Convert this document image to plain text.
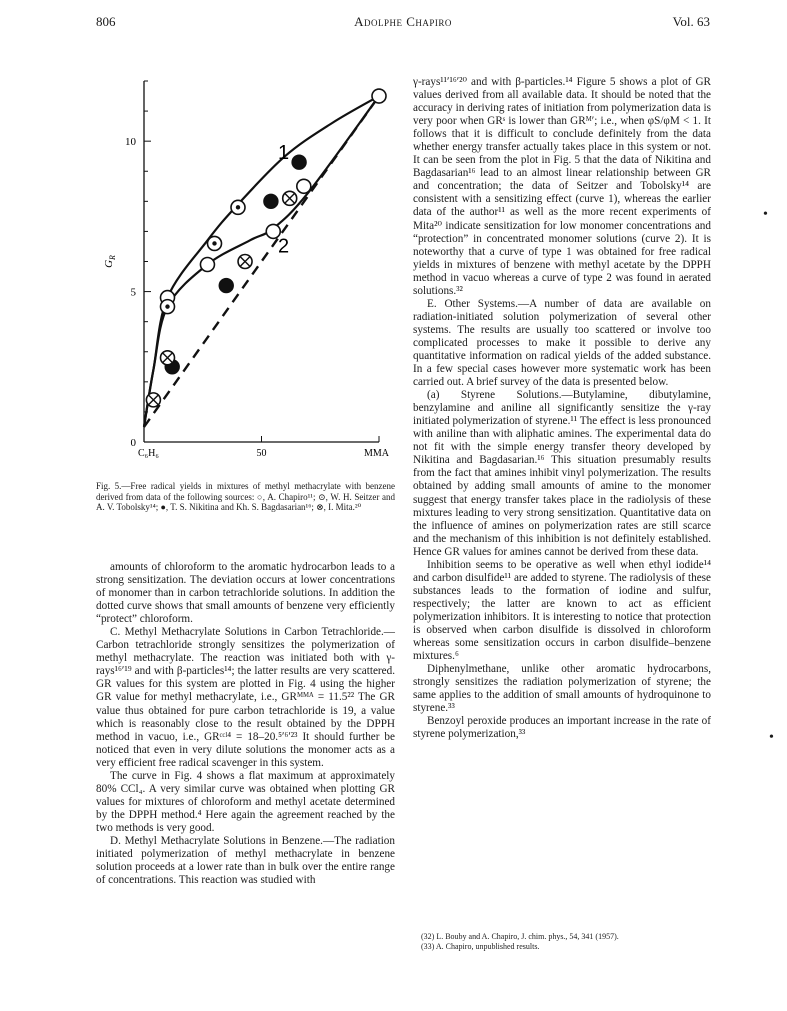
806	Adolphe Chapiro	Vol. 63
10
5
0
C₆H₆	50	MMA
$G_R$
1
2
Fig. 5.—Free radical yields in mixtures of methyl methacrylate with benzene derived from data of the following sources: ○, A. Chapiro¹¹; ⊙, W. H. Seitzer and A. V. Tobolsky¹⁴; ●, T. S. Nikitina and Kh. S. Bagdasarian¹⁶; ⊗, I. Mita.²⁰

amounts of chloroform to the aromatic hydrocarbon leads to a strong sensitization. The deviation occurs at lower concentrations of monomer than in carbon tetrachloride solutions. In addition the dotted curve shows that small amounts of benzene very efficiently “protect” chloroform.

C. Methyl Methacrylate Solutions in Carbon Tetrachloride.—Carbon tetrachloride strongly sensitizes the polymerization of methyl methacrylate. The reaction was initiated both with γ-rays¹⁶ʹ¹⁹ and with β-particles¹⁴; the latter results are very scattered. GR values for this system are plotted in Fig. 4 using the higher GR value for methyl methacrylate, i.e., GRᴹᴹᴬ = 11.5²² The GR value thus obtained for pure carbon tetrachloride is 19, a value which is reasonably close to the result obtained by the DPPH method in vacuo, i.e., GRᶜᶜˡ⁴ = 18–20.⁵ʹ⁶ʹ²³ It should further be noticed that even in very dilute solutions the monomer acts as a very efficient free radical scavenger in this system.

The curve in Fig. 4 shows a flat maximum at approximately 80% CCl₄. A very similar curve was obtained when plotting GR values for mixtures of chloroform and methyl acetate determined by the DPPH method.⁴ Here again the agreement reached by the two methods is very good.

D. Methyl Methacrylate Solutions in Benzene.—The radiation initiated polymerization of methyl methacrylate in benzene solution proceeds at a lower rate than in bulk over the entire range of concentrations. This reaction was studied with

γ-rays¹¹ʹ¹⁶ʹ²⁰ and with β-particles.¹⁴ Figure 5 shows a plot of GR values derived from all available data. It should be noted that the accuracy in deriving rates of initiation from polymerization data is very poor when GRˢ is lower than GRᴹ′; i.e., when φS/φM < 1. It follows that it is difficult to conclude definitely from the data whether energy transfer actually takes place in this system or not. It can be seen from the plot in Fig. 5 that the data of Nikitina and Bagdasarian¹⁶ lead to an almost linear relationship between GR and concentration; the data of Seitzer and Tobolsky¹⁴ are consistent with a sensitizing effect (curve 1), whereas the earlier data of the author¹¹ as well as the more recent experiments of Mita²⁰ indicate sensitization for low monomer concentrations and “protection” in concentrated monomer solutions (curve 2). It is noteworthy that a curve of type 1 was obtained for free radical yields in mixtures of benzene with methyl acetate by the DPPH method in vacuo whereas a curve of type 2 was found in aerated solutions.³²

E. Other Systems.—A number of data are available on radiation-initiated solution polymerization of several other systems. The results are usually too scattered or involve too complicated processes to make it possible to derive any quantitative information on radical yields of the added substance. In a few special cases however more systematic work has been carried out. A brief survey of the data is presented below.

(a) Styrene Solutions.—Butylamine, dibutylamine, benzylamine and aniline all significantly sensitize the γ-ray initiated polymerization of styrene.¹¹ The effect is less pronounced with aniline than with aliphatic amines. The experimental data do not fit with the simple energy transfer theory developed by Nikitina and Bagdasarian.¹⁶ This situation presumably results from the fact that amines inhibit vinyl polymerization. The results obtained by adding small amounts of amine to the monomer suggest that energy transfer takes place in the radiolysis of these mixtures leading to very strong sensitization. Quantitative data on the influence of amines on polymerization rates are still scarce and the mechanism of this inhibition is not definitely established. Hence GR values for amines cannot be derived from these data.

Inhibition seems to be operative as well when ethyl iodide¹⁴ and carbon disulfide¹¹ are added to styrene. The radiolysis of these substances leads to the formation of iodine and sulfur, respectively; the latter are known to act as efficient polymerization inhibitors. It is interesting to notice that protection is observed when carbon disulfide is dissolved in chloroform whereas some sensitization occurs in carbon disulfide–benzene mixtures.⁶

Diphenylmethane, unlike other aromatic hydrocarbons, strongly sensitizes the radiation polymerization of styrene; the same applies to the addition of small amounts of hydroquinone to styrene.³³

Benzoyl peroxide produces an important increase in the rate of styrene polymerization,³³

(32) L. Bouby and A. Chapiro, J. chim. phys., 54, 341 (1957).
(33) A. Chapiro, unpublished results.
•
•
